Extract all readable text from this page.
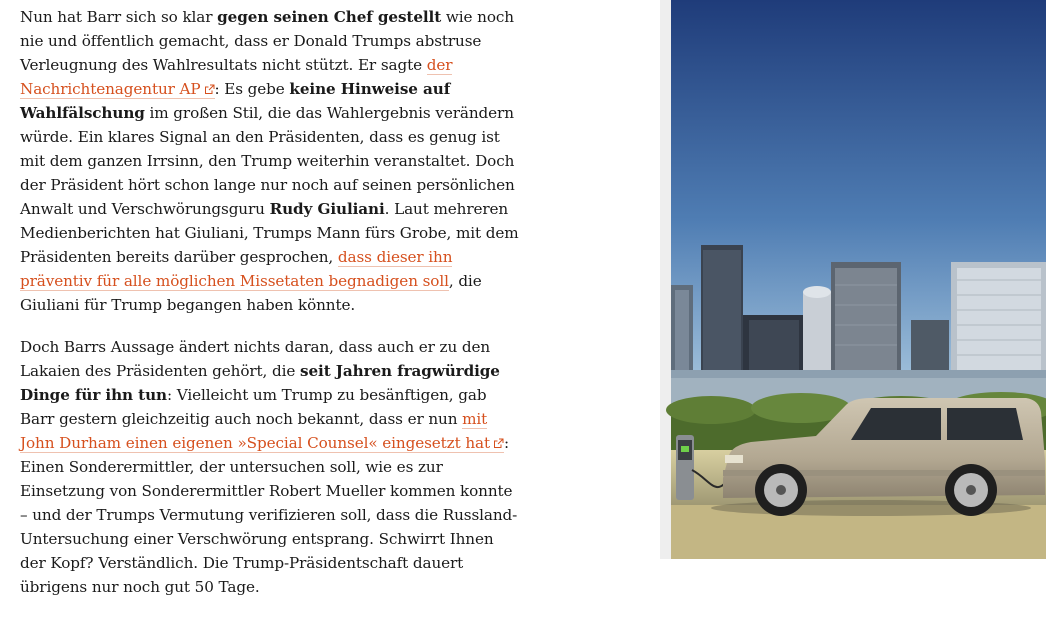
Nun hat Barr sich so klar gegen seinen Chef gestellt wie noch nie und öffentlich gemacht, dass er Donald Trumps abstruse Verleugnung des Wahlresultats nicht stützt. Er sagte der Nachrichtenagentur AP : Es gebe keine Hinweise auf Wahlfälschung im großen Stil, die das Wahlergebnis verändern würde. Ein klares Signal an den Präsidenten, dass es genug ist mit dem ganzen Irrsinn, den Trump weiterhin veranstaltet. Doch der Präsident hört schon lange nur noch auf seinen persönlichen Anwalt und Verschwörungsguru Rudy Giuliani. Laut mehreren Medienberichten hat Giuliani, Trumps Mann fürs Grobe, mit dem Präsidenten bereits darüber gesprochen, dass dieser ihn präventiv für alle möglichen Missetaten begnadigen soll, die Giuliani für Trump begangen haben könnte.

Doch Barrs Aussage ändert nichts daran, dass auch er zu den Lakaien des Präsidenten gehört, die seit Jahren fragwürdige Dinge für ihn tun: Vielleicht um Trump zu besänftigen, gab Barr gestern gleichzeitig auch noch bekannt, dass er nun mit John Durham einen eigenen »Special Counsel« eingesetzt hat : Einen Sonderermittler, der untersuchen soll, wie es zur Einsetzung von Sonderermittler Robert Mueller kommen konnte – und der Trumps Vermutung verifizieren soll, dass die Russland-Untersuchung einer Verschwörung entsprang. Schwirrt Ihnen der Kopf? Verständlich. Die Trump-Präsidentschaft dauert übrigens nur noch gut 50 Tage.
